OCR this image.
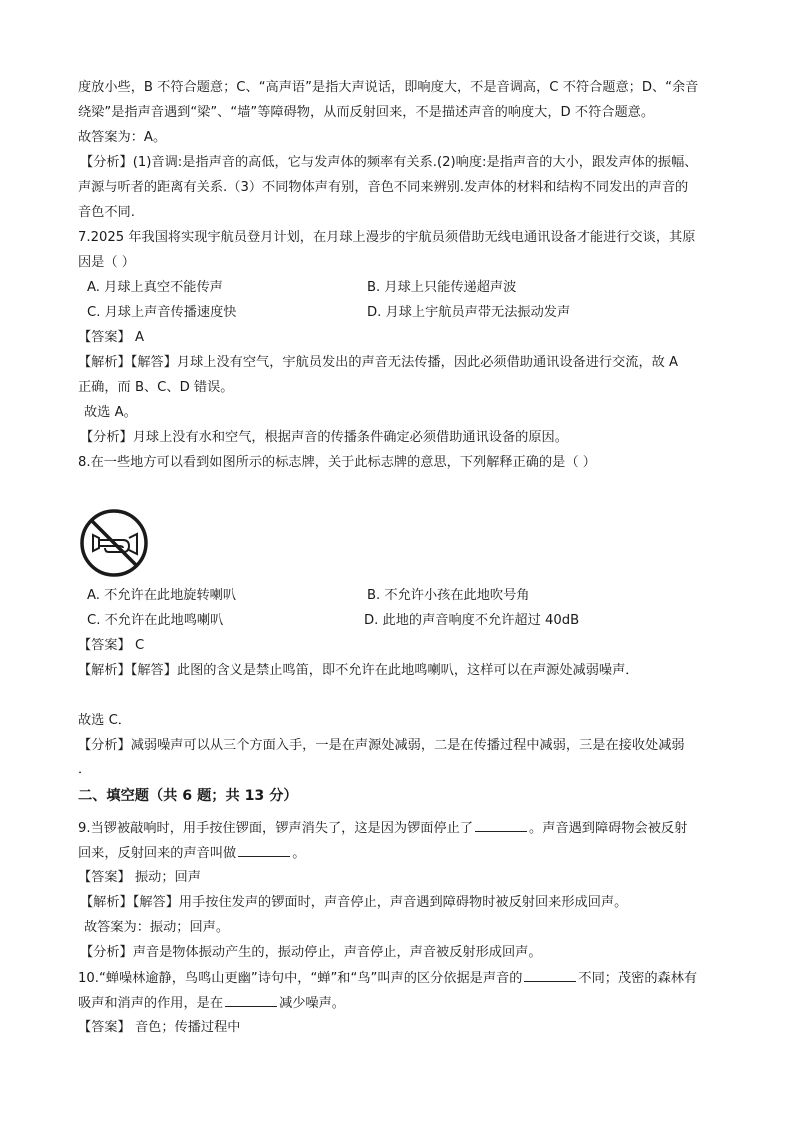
度放小些，B 不符合题意；C、“高声语”是指大声说话，即响度大，不是音调高，C 不符合题意；D、“余音
绕梁”是指声音遇到“梁”、“墙”等障碍物，从而反射回来，不是描述声音的响度大，D 不符合题意。
故答案为：A。
【分析】(1)音调:是指声音的高低，它与发声体的频率有关系.(2)响度:是指声音的大小，跟发声体的振幅、
声源与听者的距离有关系.（3）不同物体声有别，音色不同来辨别.发声体的材料和结构不同发出的声音的
音色不同.
7.2025 年我国将实现宇航员登月计划，在月球上漫步的宇航员须借助无线电通讯设备才能进行交谈，其原
因是（ ）
A. 月球上真空不能传声	B. 月球上只能传递超声波
C. 月球上声音传播速度快	D. 月球上宇航员声带无法振动发声
【答案】 A
【解析】【解答】月球上没有空气，宇航员发出的声音无法传播，因此必须借助通讯设备进行交流，故 A
正确，而 B、C、D 错误。
故选 A。
【分析】月球上没有水和空气，根据声音的传播条件确定必须借助通讯设备的原因。
8.在一些地方可以看到如图所示的标志牌，关于此标志牌的意思，下列解释正确的是（ ）
A. 不允许在此地旋转喇叭	B. 不允许小孩在此地吹号角
C. 不允许在此地鸣喇叭	D. 此地的声音响度不允许超过 40dB
【答案】 C
【解析】【解答】此图的含义是禁止鸣笛，即不允许在此地鸣喇叭，这样可以在声源处减弱噪声．
故选 C．
【分析】减弱噪声可以从三个方面入手，一是在声源处减弱，二是在传播过程中减弱，三是在接收处减弱
．
二、填空题（共 6 题；共 13 分）
9.当锣被敲响时，用手按住锣面，锣声消失了，这是因为锣面停止了	。声音遇到障碍物会被反射
回来，反射回来的声音叫做	。
【答案】 振动；回声
【解析】【解答】用手按住发声的锣面时，声音停止，声音遇到障碍物时被反射回来形成回声。
故答案为：振动；回声。
【分析】声音是物体振动产生的，振动停止，声音停止，声音被反射形成回声。
10.“蝉噪林逾静，鸟鸣山更幽”诗句中，“蝉”和“鸟”叫声的区分依据是声音的	不同；茂密的森林有
吸声和消声的作用，是在	减少噪声。
【答案】 音色；传播过程中
